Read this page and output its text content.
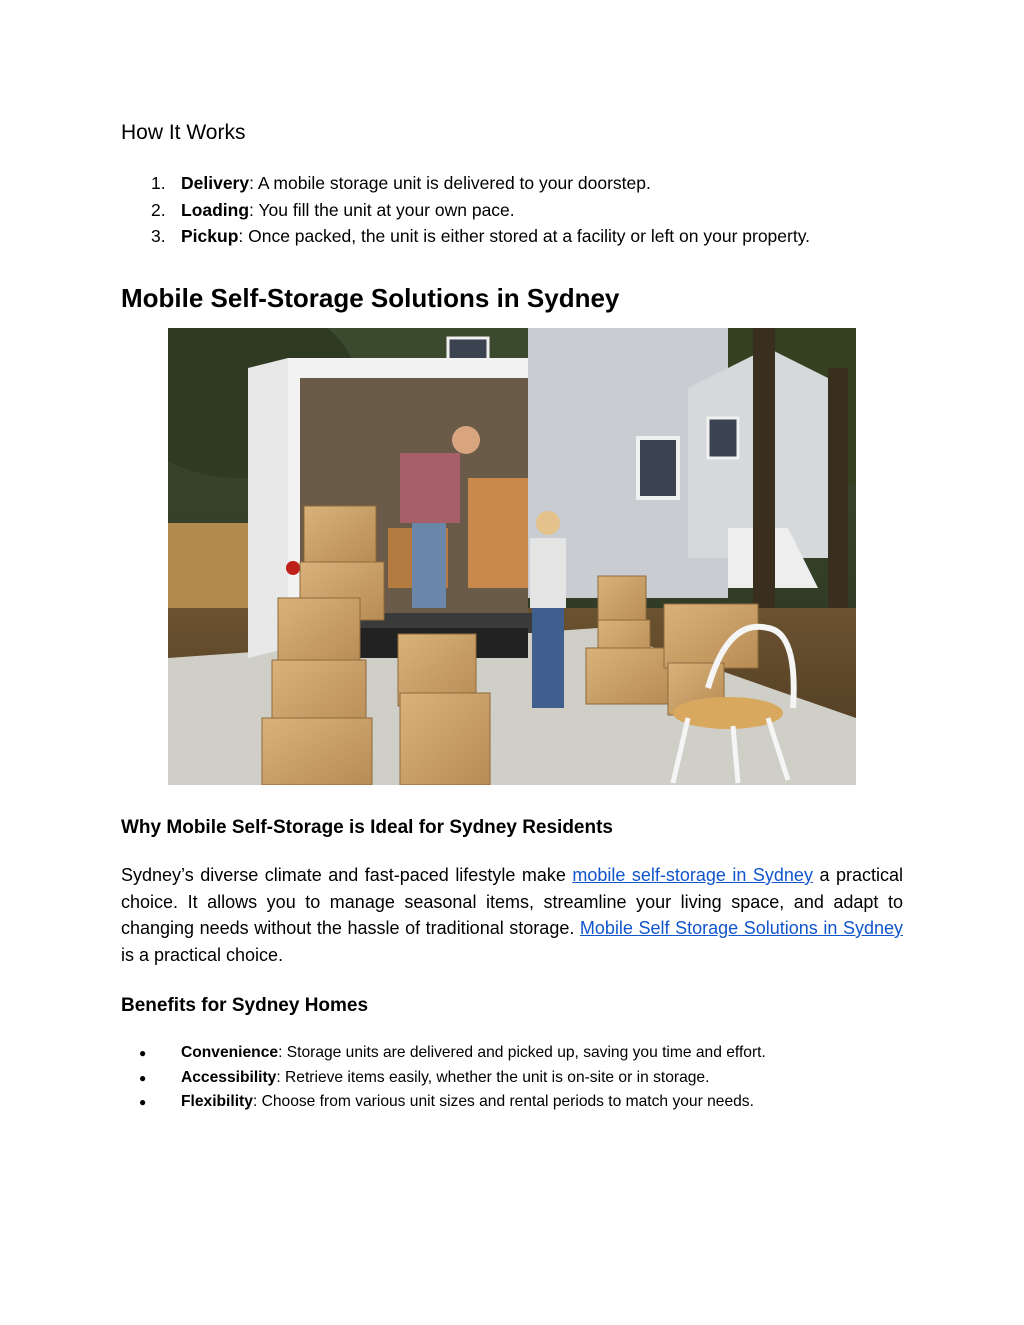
How It Works
1. Delivery: A mobile storage unit is delivered to your doorstep.
2. Loading: You fill the unit at your own pace.
3. Pickup: Once packed, the unit is either stored at a facility or left on your property.
Mobile Self-Storage Solutions in Sydney
Why Mobile Self-Storage is Ideal for Sydney Residents

Sydney’s diverse climate and fast-paced lifestyle make mobile self-storage in Sydney a practical choice. It allows you to manage seasonal items, streamline your living space, and adapt to changing needs without the hassle of traditional storage. Mobile Self Storage Solutions in Sydney is a practical choice.

Benefits for Sydney Homes
● Convenience: Storage units are delivered and picked up, saving you time and effort.
● Accessibility: Retrieve items easily, whether the unit is on-site or in storage.
● Flexibility: Choose from various unit sizes and rental periods to match your needs.
